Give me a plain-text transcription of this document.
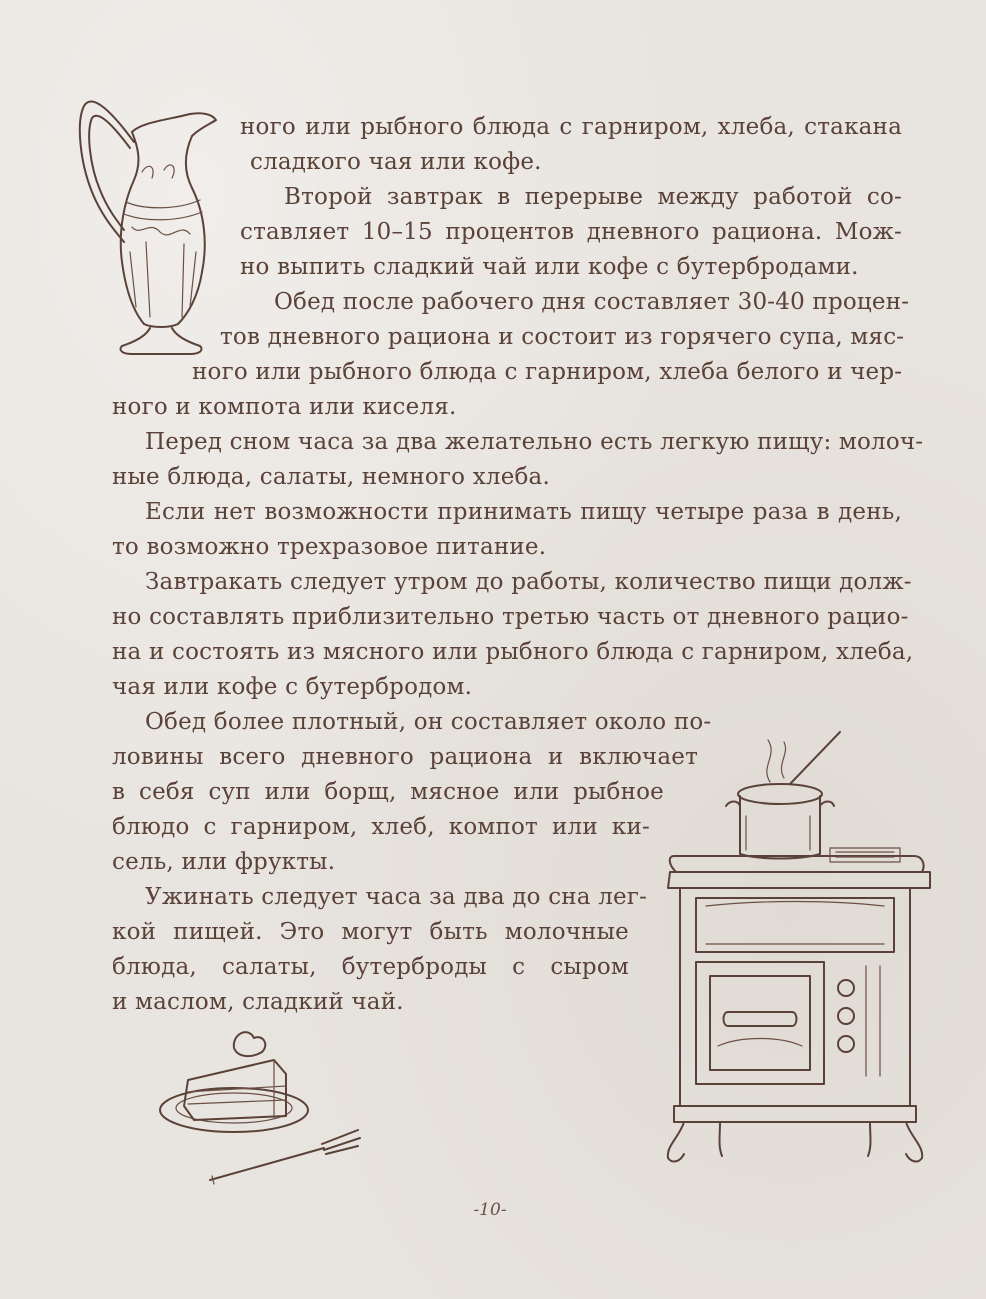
ного или рыбного блюда с гарниром, хлеба, стакана

сладкого чая или кофе.

Второй завтрак в перерыве между работой со-

ставляет 10–15 процентов дневного рациона. Мож-

но выпить сладкий чай или кофе с бутербродами.

Обед после рабочего дня составляет 30-40 процен-

тов дневного рациона и состоит из горячего супа, мяс-

ного или рыбного блюда с гарниром, хлеба белого и чер-

ного и компота или киселя.

Перед сном часа за два желательно есть легкую пищу: молоч-

ные блюда, салаты, немного хлеба.

Если нет возможности принимать пищу четыре раза в день,

то возможно трехразовое питание.

Завтракать следует утром до работы, количество пищи долж-

но составлять приблизительно третью часть от дневного рацио-

на и состоять из мясного или рыбного блюда с гарниром, хлеба,

чая или кофе с бутербродом.

Обед более плотный, он составляет около по-

ловины всего дневного рациона и включает

в себя суп или борщ, мясное или рыбное

блюдо с гарниром, хлеб, компот или ки-

сель, или фрукты.

Ужинать следует часа за два до сна лег-

кой пищей. Это могут быть молочные

блюда, салаты, бутерброды с сыром

и маслом, сладкий чай.

-10-
